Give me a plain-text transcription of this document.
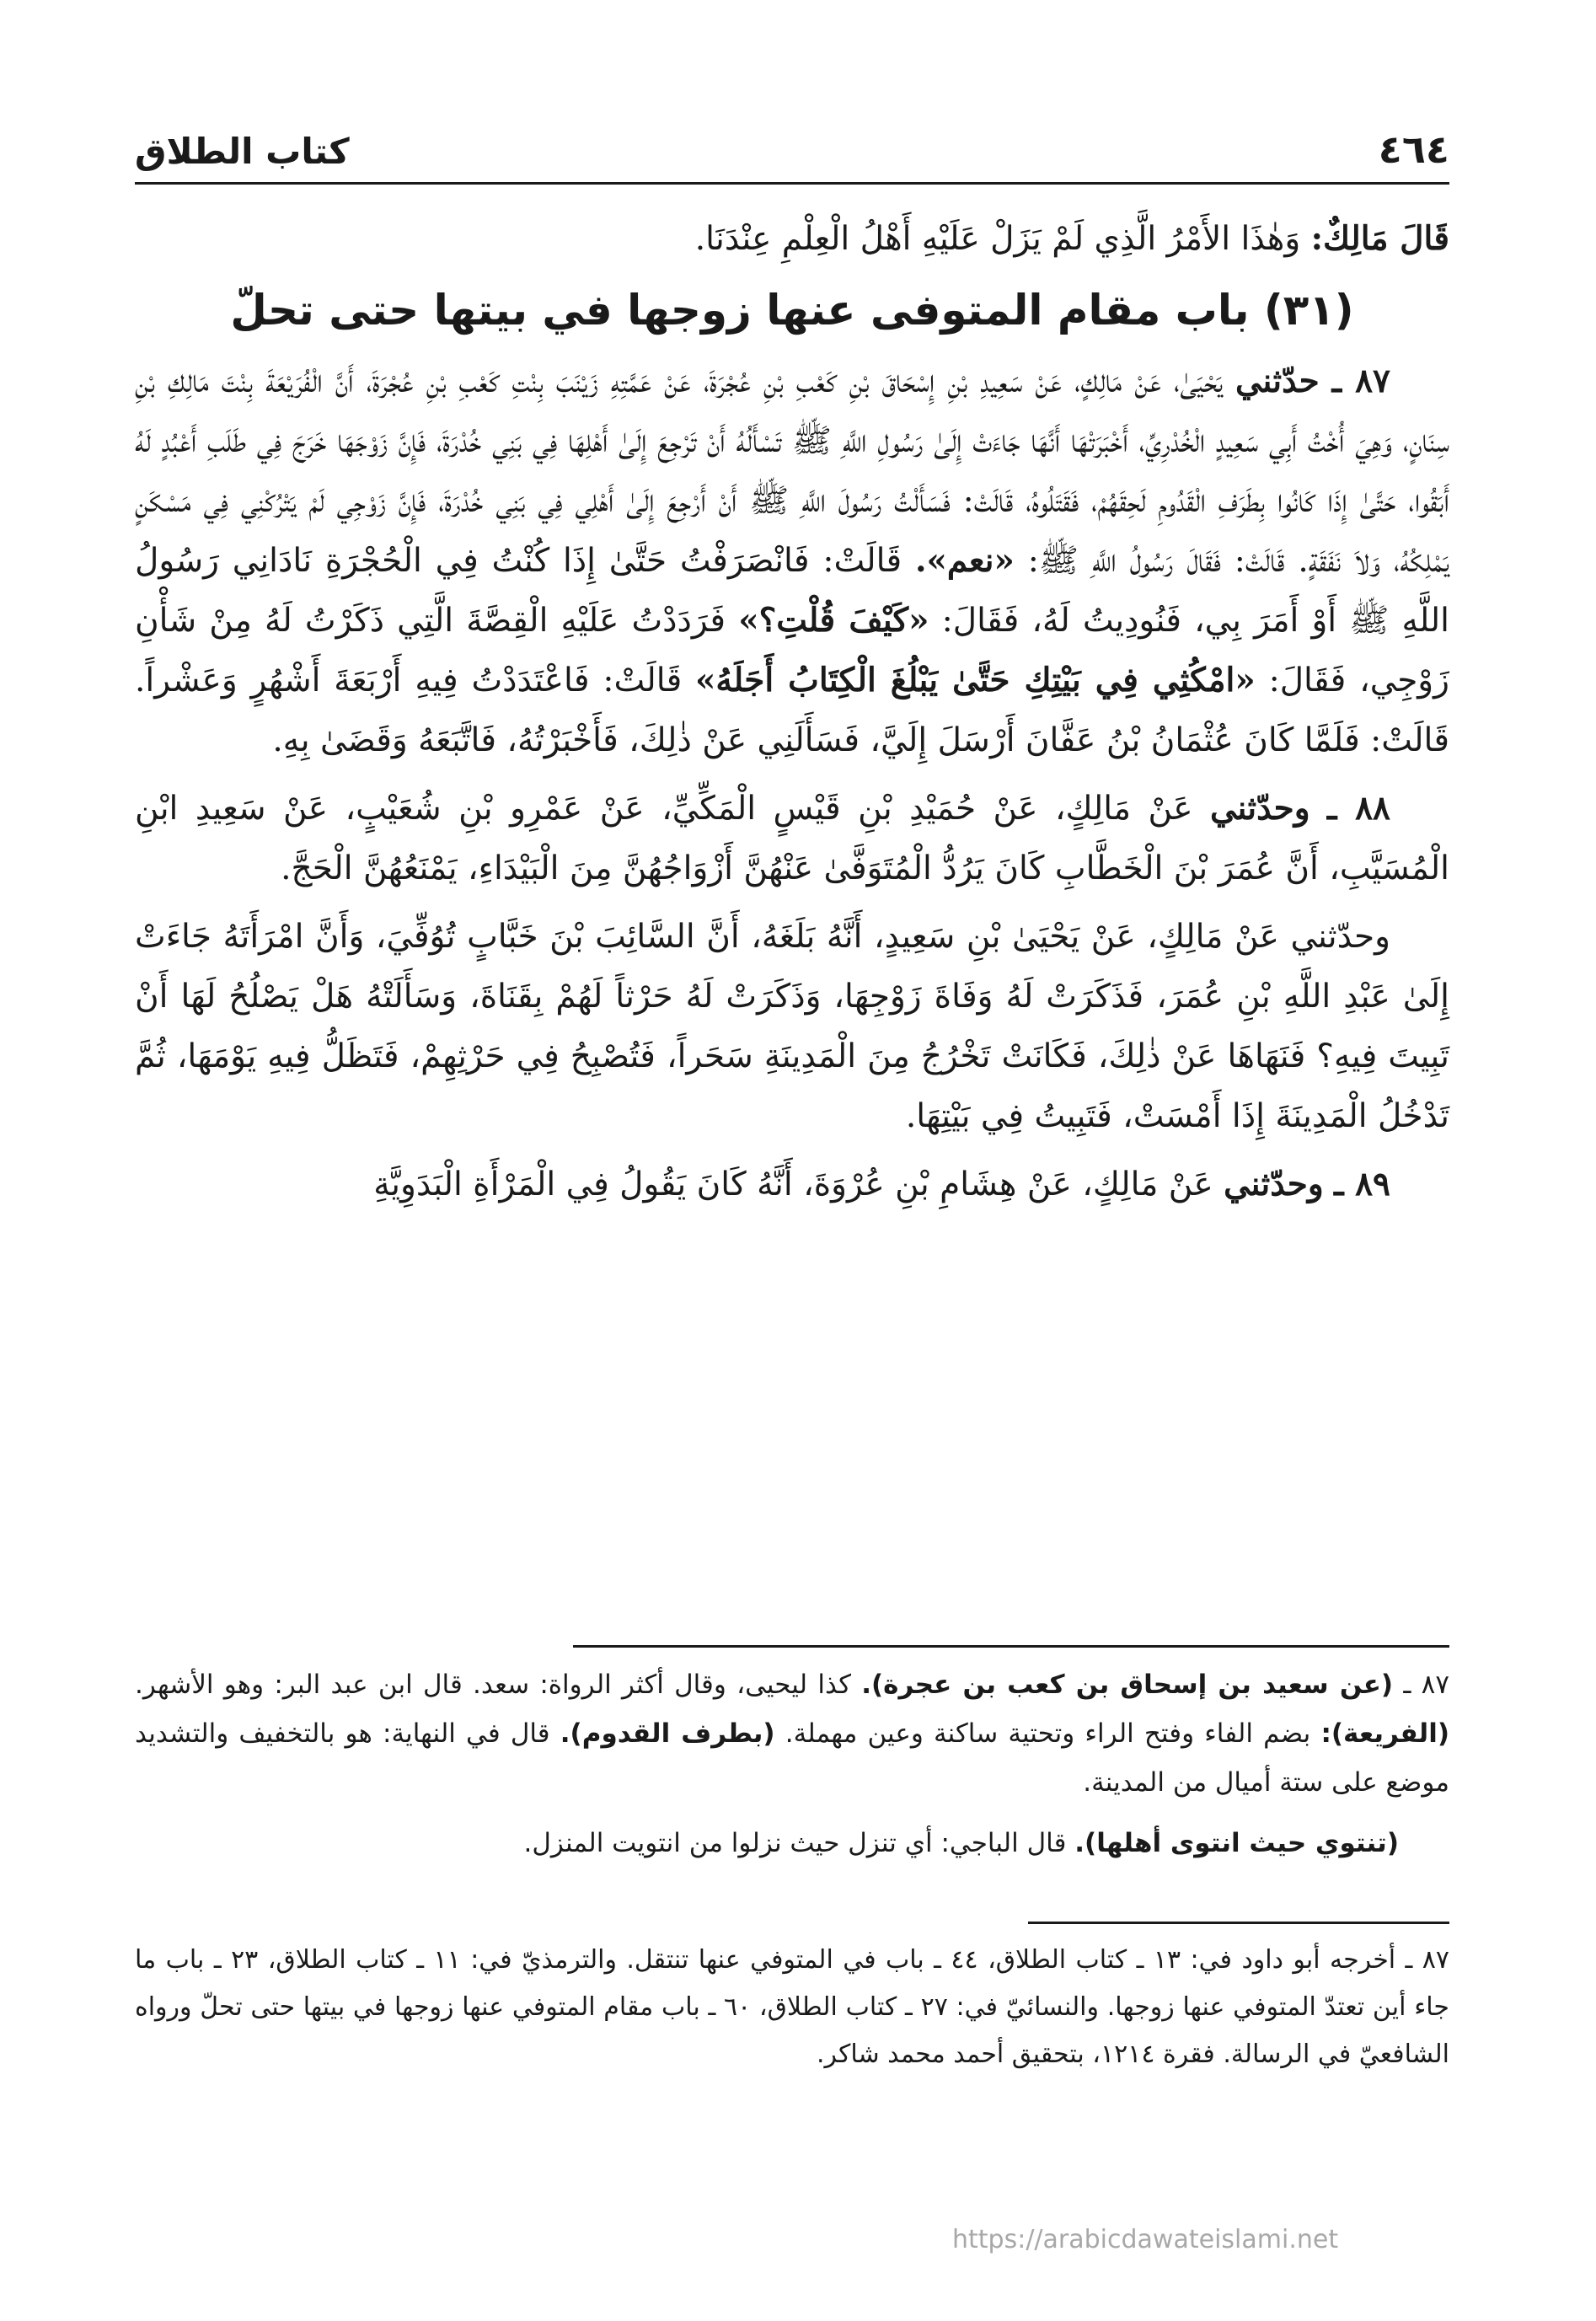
٤٦٤
كتاب الطلاق

قَالَ مَالِكٌ: وَهٰذَا الأَمْرُ الَّذِي لَمْ يَزَلْ عَلَيْهِ أَهْلُ الْعِلْمِ عِنْدَنَا.

(٣١) باب مقام المتوفى عنها زوجها في بيتها حتى تحلّ

٨٧ ـ حدّثني يَحْيَىٰ، عَنْ مَالِكٍ، عَنْ سَعِيدِ بْنِ إِسْحَاقَ بْنِ كَعْبِ بْنِ عُجْرَةَ، عَنْ عَمَّتِهِ زَيْنَبَ بِنْتِ كَعْبِ بْنِ عُجْرَةَ، أَنَّ الْفُرَيْعَةَ بِنْتَ مَالِكِ بْنِ سِنَانٍ، وَهِيَ أُخْتُ أَبِي سَعِيدٍ الْخُدْرِيِّ، أَخْبَرَتْهَا أَنَّهَا جَاءَتْ إِلَىٰ رَسُولِ اللَّهِ ﷺ تَسْأَلُهُ أَنْ تَرْجِعَ إِلَىٰ أَهْلِهَا فِي بَنِي خُدْرَةَ، فَإِنَّ زَوْجَهَا خَرَجَ فِي طَلَبِ أَعْبُدٍ لَهُ أَبَقُوا، حَتَّىٰ إِذَا كَانُوا بِطَرَفِ الْقَدُومِ لَحِقَهُمْ، فَقَتَلُوهُ، قَالَتْ: فَسَأَلْتُ رَسُولَ اللَّهِ ﷺ أَنْ أَرْجِعَ إِلَىٰ أَهْلِي فِي بَنِي خُدْرَةَ، فَإِنَّ زَوْجِي لَمْ يَتْرُكْنِي فِي مَسْكَنٍ يَمْلِكُهُ، وَلاَ نَفَقَةٍ. قَالَتْ: فَقَالَ رَسُولُ اللَّهِ ﷺ: «نعم». قَالَتْ: فَانْصَرَفْتُ حَتَّىٰ إِذَا كُنْتُ فِي الْحُجْرَةِ نَادَانِي رَسُولُ اللَّهِ ﷺ أَوْ أَمَرَ بِي، فَنُودِيتُ لَهُ، فَقَالَ: «كَيْفَ قُلْتِ؟» فَرَدَدْتُ عَلَيْهِ الْقِصَّةَ الَّتِي ذَكَرْتُ لَهُ مِنْ شَأْنِ زَوْجِي، فَقَالَ: «امْكُثِي فِي بَيْتِكِ حَتَّىٰ يَبْلُغَ الْكِتَابُ أَجَلَهُ» قَالَتْ: فَاعْتَدَدْتُ فِيهِ أَرْبَعَةَ أَشْهُرٍ وَعَشْراً. قَالَتْ: فَلَمَّا كَانَ عُثْمَانُ بْنُ عَفَّانَ أَرْسَلَ إِلَيَّ، فَسَأَلَنِي عَنْ ذٰلِكَ، فَأَخْبَرْتُهُ، فَاتَّبَعَهُ وَقَضَىٰ بِهِ.

٨٨ ـ وحدّثني عَنْ مَالِكٍ، عَنْ حُمَيْدِ بْنِ قَيْسٍ الْمَكِّيِّ، عَنْ عَمْرِو بْنِ شُعَيْبٍ، عَنْ سَعِيدِ ابْنِ الْمُسَيَّبِ، أَنَّ عُمَرَ بْنَ الْخَطَّابِ كَانَ يَرُدُّ الْمُتَوَفَّىٰ عَنْهُنَّ أَزْوَاجُهُنَّ مِنَ الْبَيْدَاءِ، يَمْنَعُهُنَّ الْحَجَّ.

وحدّثني عَنْ مَالِكٍ، عَنْ يَحْيَىٰ بْنِ سَعِيدٍ، أَنَّهُ بَلَغَهُ، أَنَّ السَّائِبَ بْنَ خَبَّابٍ تُوُفِّيَ، وَأَنَّ امْرَأَتَهُ جَاءَتْ إِلَىٰ عَبْدِ اللَّهِ بْنِ عُمَرَ، فَذَكَرَتْ لَهُ وَفَاةَ زَوْجِهَا، وَذَكَرَتْ لَهُ حَرْثاً لَهُمْ بِقَنَاةَ، وَسَأَلَتْهُ هَلْ يَصْلُحُ لَهَا أَنْ تَبِيتَ فِيهِ؟ فَنَهَاهَا عَنْ ذٰلِكَ، فَكَانَتْ تَخْرُجُ مِنَ الْمَدِينَةِ سَحَراً، فَتُصْبِحُ فِي حَرْثِهِمْ، فَتَظَلُّ فِيهِ يَوْمَهَا، ثُمَّ تَدْخُلُ الْمَدِينَةَ إِذَا أَمْسَتْ، فَتَبِيتُ فِي بَيْتِهَا.

٨٩ ـ وحدّثني عَنْ مَالِكٍ، عَنْ هِشَامِ بْنِ عُرْوَةَ، أَنَّهُ كَانَ يَقُولُ فِي الْمَرْأَةِ الْبَدَوِيَّةِ

٨٧ ـ (عن سعيد بن إسحاق بن كعب بن عجرة). كذا ليحيى، وقال أكثر الرواة: سعد. قال ابن عبد البر: وهو الأشهر. (الفريعة): بضم الفاء وفتح الراء وتحتية ساكنة وعين مهملة. (بطرف القدوم). قال في النهاية: هو بالتخفيف والتشديد موضع على ستة أميال من المدينة.

(تنتوي حيث انتوى أهلها). قال الباجي: أي تنزل حيث نزلوا من انتويت المنزل.

٨٧ ـ أخرجه أبو داود في: ١٣ ـ كتاب الطلاق، ٤٤ ـ باب في المتوفي عنها تنتقل. والترمذيّ في: ١١ ـ كتاب الطلاق، ٢٣ ـ باب ما جاء أين تعتدّ المتوفي عنها زوجها. والنسائيّ في: ٢٧ ـ كتاب الطلاق، ٦٠ ـ باب مقام المتوفي عنها زوجها في بيتها حتى تحلّ ورواه الشافعيّ في الرسالة. فقرة ١٢١٤، بتحقيق أحمد محمد شاكر.

https://arabicdawateislami.net
